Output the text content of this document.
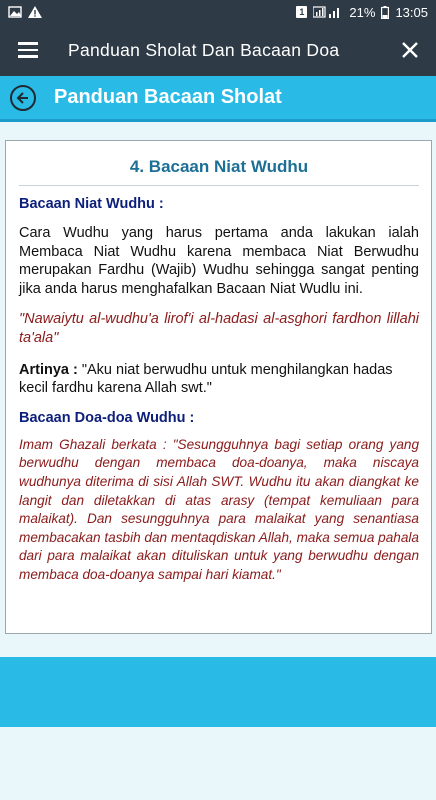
1	21% 13:05
Panduan Sholat Dan Bacaan Doa
Panduan Bacaan Sholat
4. Bacaan Niat Wudhu
Bacaan Niat Wudhu :
Cara Wudhu yang harus pertama anda lakukan ialah Membaca Niat Wudhu karena membaca Niat Berwudhu merupakan Fardhu (Wajib) Wudhu sehingga sangat penting jika anda harus menghafalkan Bacaan Niat Wudlu ini.
"Nawaiytu al-wudhu'a lirof'i al-hadasi al-asghori fardhon lillahi ta'ala"
Artinya : "Aku niat berwudhu untuk menghilangkan hadas kecil fardhu karena Allah swt."
Bacaan Doa-doa Wudhu :
Imam Ghazali berkata : "Sesungguhnya bagi setiap orang yang berwudhu dengan membaca doa-doanya, maka niscaya wudhunya diterima di sisi Allah SWT. Wudhu itu akan diangkat ke langit dan diletakkan di atas arasy (tempat kemuliaan para malaikat). Dan sesungguhnya para malaikat yang senantiasa membacakan tasbih dan mentaqdiskan Allah, maka semua pahala dari para malaikat akan dituliskan untuk yang berwudhu dengan membaca doa-doanya sampai hari kiamat."
